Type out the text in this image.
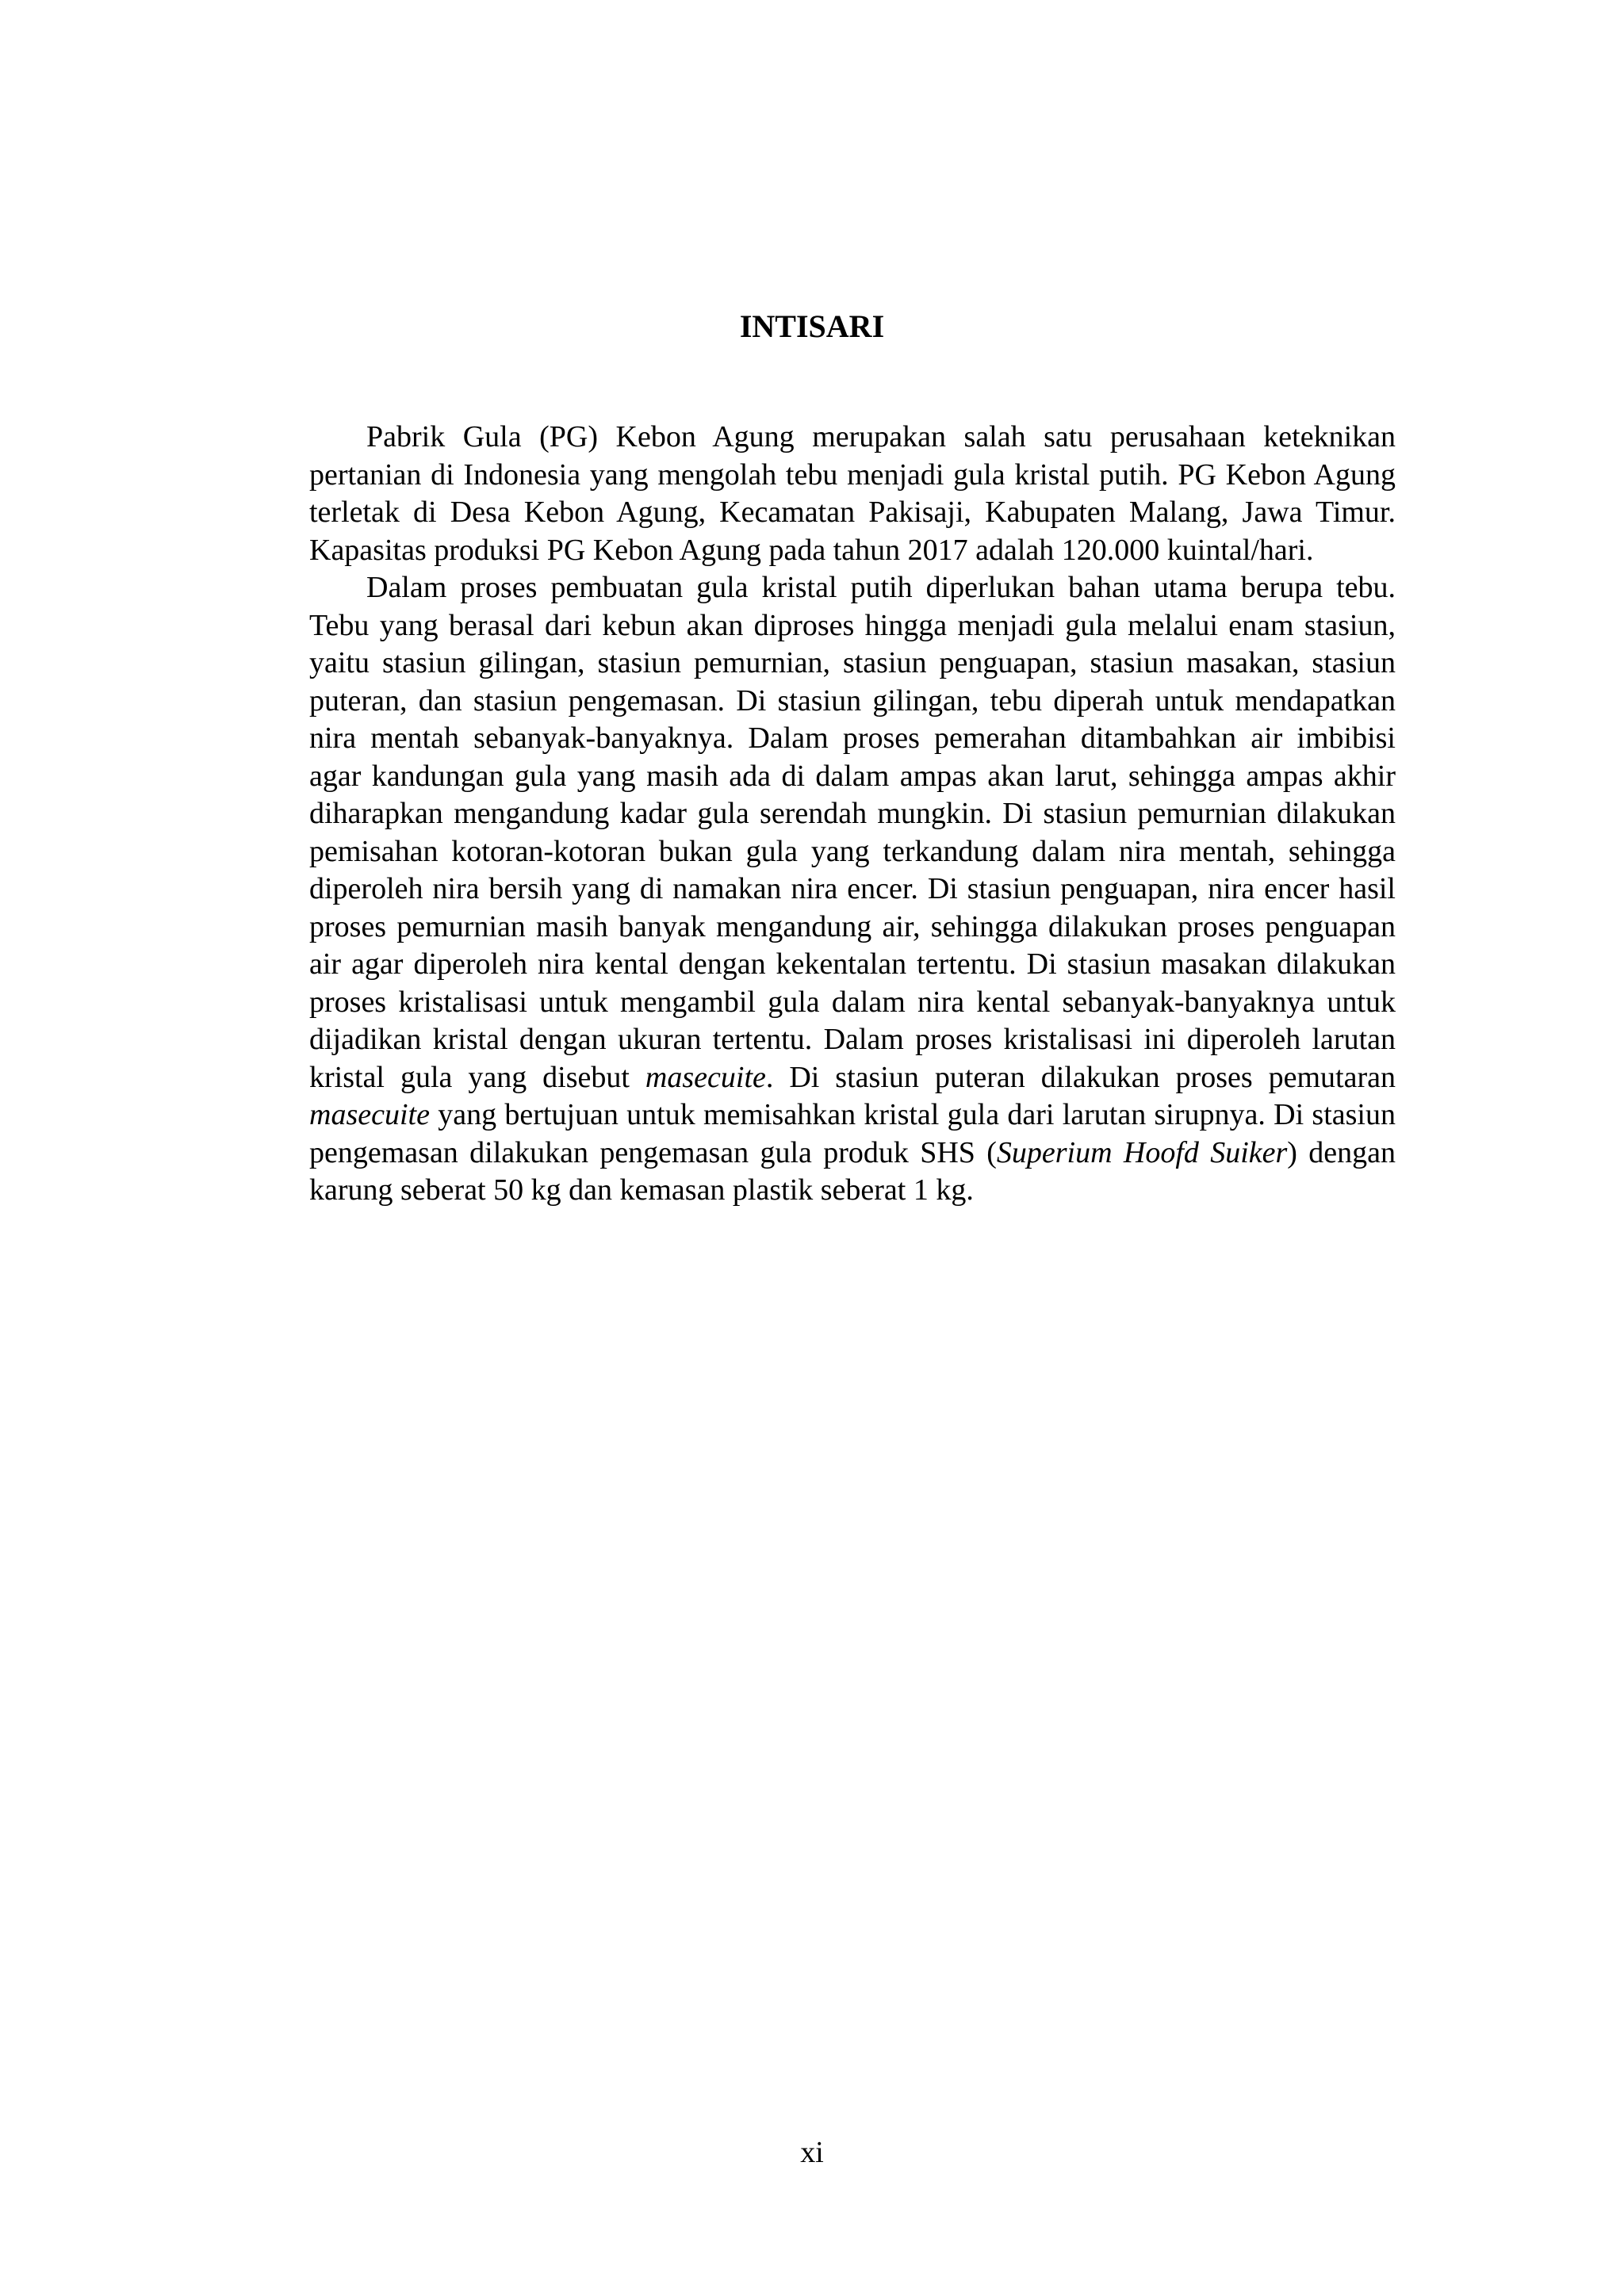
INTISARI

Pabrik Gula (PG) Kebon Agung merupakan salah satu perusahaan keteknikan pertanian di Indonesia yang mengolah tebu menjadi gula kristal putih. PG Kebon Agung terletak di Desa Kebon Agung, Kecamatan Pakisaji, Kabupaten Malang, Jawa Timur. Kapasitas produksi PG Kebon Agung pada tahun 2017 adalah 120.000 kuintal/hari.

Dalam proses pembuatan gula kristal putih diperlukan bahan utama berupa tebu. Tebu yang berasal dari kebun akan diproses hingga menjadi gula melalui enam stasiun, yaitu stasiun gilingan, stasiun pemurnian, stasiun penguapan, stasiun masakan, stasiun puteran, dan stasiun pengemasan. Di stasiun gilingan, tebu diperah untuk mendapatkan nira mentah sebanyak-banyaknya. Dalam proses pemerahan ditambahkan air imbibisi agar kandungan gula yang masih ada di dalam ampas akan larut, sehingga ampas akhir diharapkan mengandung kadar gula serendah mungkin. Di stasiun pemurnian dilakukan pemisahan kotoran-kotoran bukan gula yang terkandung dalam nira mentah, sehingga diperoleh nira bersih yang di namakan nira encer. Di stasiun penguapan, nira encer hasil proses pemurnian masih banyak mengandung air, sehingga dilakukan proses penguapan air agar diperoleh nira kental dengan kekentalan tertentu. Di stasiun masakan dilakukan proses kristalisasi untuk mengambil gula dalam nira kental sebanyak-banyaknya untuk dijadikan kristal dengan ukuran tertentu. Dalam proses kristalisasi ini diperoleh larutan kristal gula yang disebut masecuite. Di stasiun puteran dilakukan proses pemutaran masecuite yang bertujuan untuk memisahkan kristal gula dari larutan sirupnya. Di stasiun pengemasan dilakukan pengemasan gula produk SHS (Superium Hoofd Suiker) dengan karung seberat 50 kg dan kemasan plastik seberat 1 kg.

xi
